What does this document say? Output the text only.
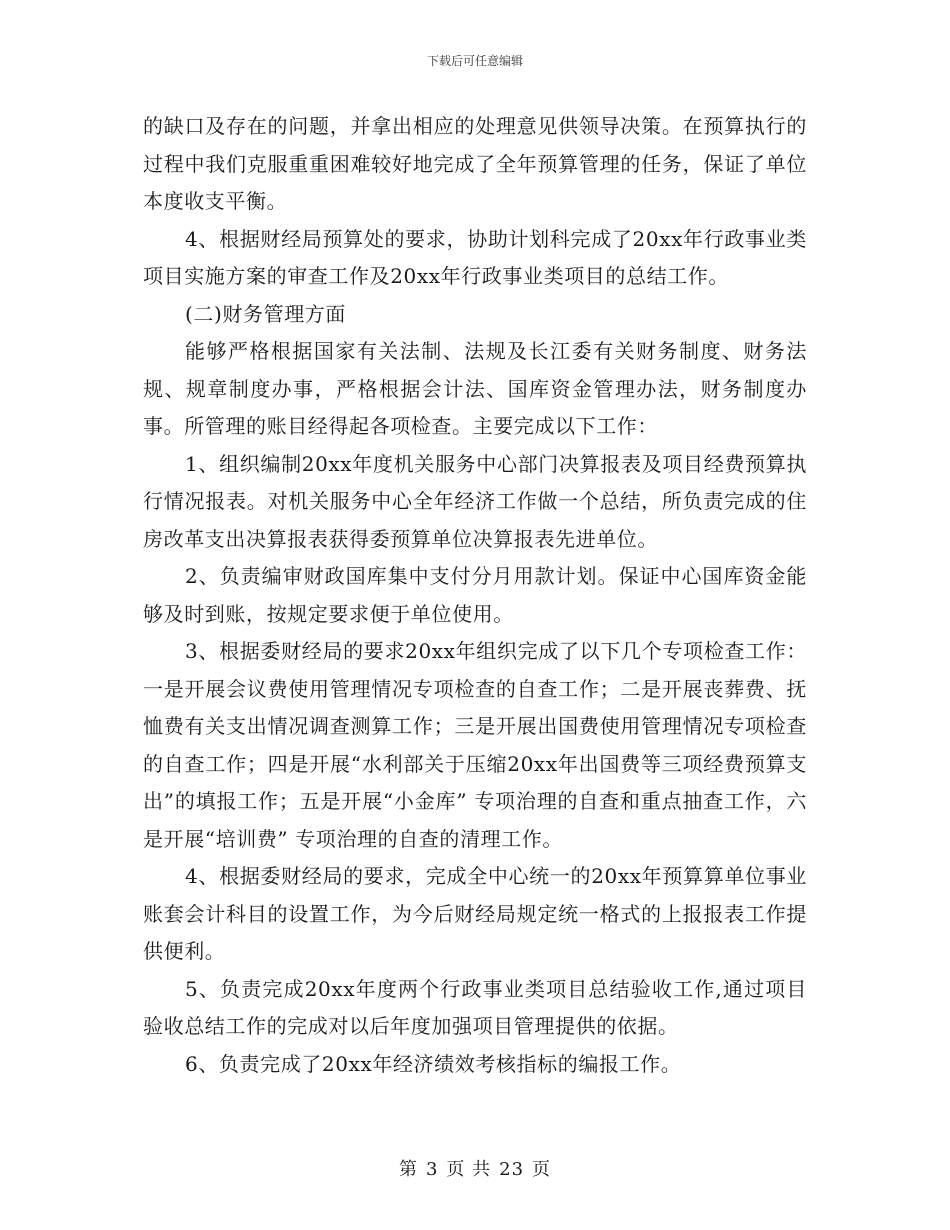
下载后可任意编辑

的缺口及存在的问题，并拿出相应的处理意见供领导决策。在预算执行的过程中我们克服重重困难较好地完成了全年预算管理的任务，保证了单位本度收支平衡。

4、根据财经局预算处的要求，协助计划科完成了20xx年行政事业类项目实施方案的审查工作及20xx年行政事业类项目的总结工作。

(二)财务管理方面

能够严格根据国家有关法制、法规及长江委有关财务制度、财务法规、规章制度办事，严格根据会计法、国库资金管理办法，财务制度办事。所管理的账目经得起各项检查。主要完成以下工作：

1、组织编制20xx年度机关服务中心部门决算报表及项目经费预算执行情况报表。对机关服务中心全年经济工作做一个总结，所负责完成的住房改革支出决算报表获得委预算单位决算报表先进单位。

2、负责编审财政国库集中支付分月用款计划。保证中心国库资金能够及时到账，按规定要求便于单位使用。

3、根据委财经局的要求20xx年组织完成了以下几个专项检查工作：一是开展会议费使用管理情况专项检查的自查工作；二是开展丧葬费、抚恤费有关支出情况调查测算工作；三是开展出国费使用管理情况专项检查的自查工作；四是开展“水利部关于压缩20xx年出国费等三项经费预算支出”的填报工作；五是开展“小金库” 专项治理的自查和重点抽查工作，六是开展“培训费” 专项治理的自查的清理工作。

4、根据委财经局的要求，完成全中心统一的20xx年预算算单位事业账套会计科目的设置工作，为今后财经局规定统一格式的上报报表工作提供便利。

5、负责完成20xx年度两个行政事业类项目总结验收工作,通过项目验收总结工作的完成对以后年度加强项目管理提供的依据。

6、负责完成了20xx年经济绩效考核指标的编报工作。

第 3 页 共 23 页
